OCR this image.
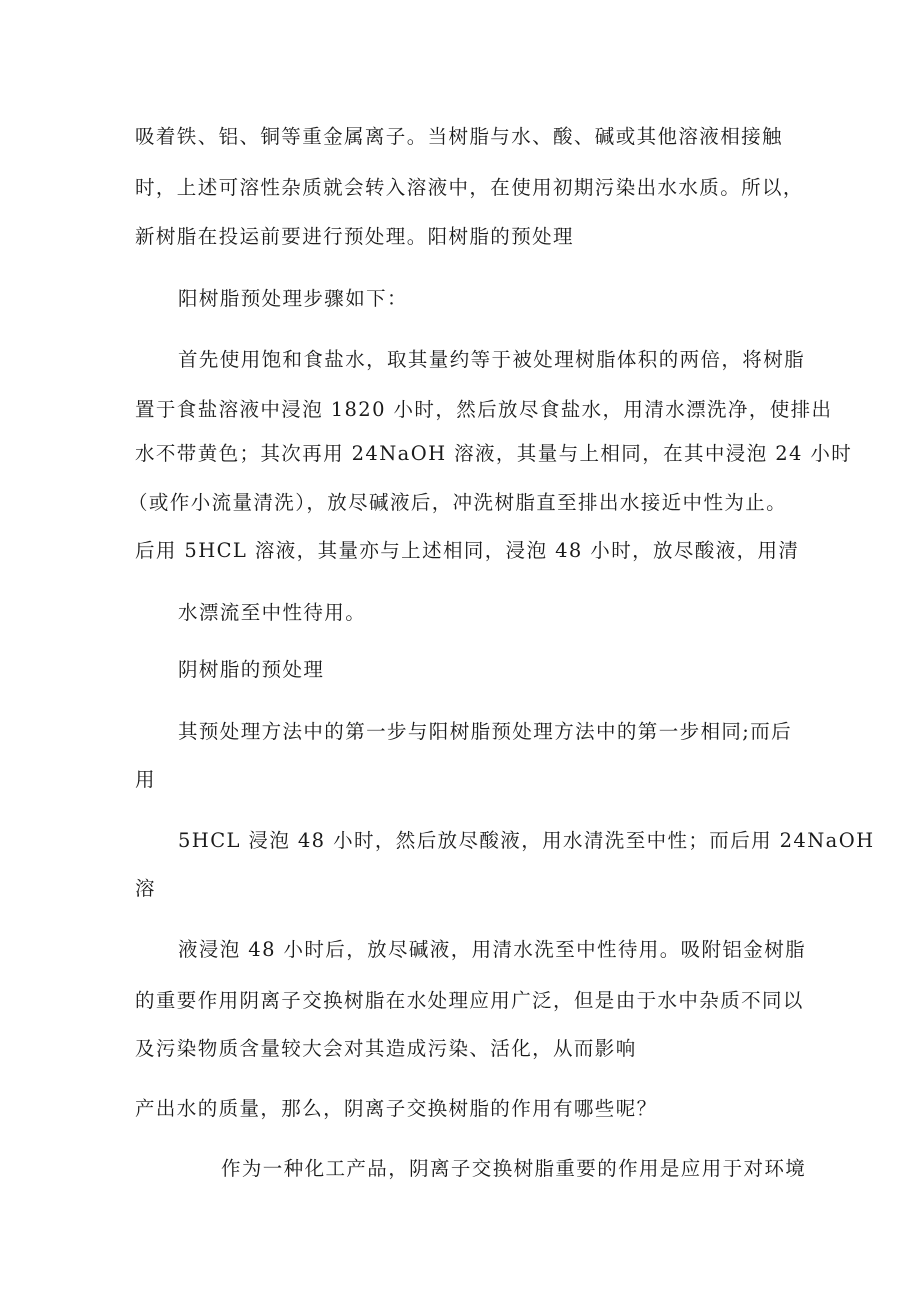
吸着铁、铝、铜等重金属离子。当树脂与水、酸、碱或其他溶液相接触
时，上述可溶性杂质就会转入溶液中，在使用初期污染出水水质。所以，
新树脂在投运前要进行预处理。阳树脂的预处理
阳树脂预处理步骤如下：
首先使用饱和食盐水，取其量约等于被处理树脂体积的两倍，将树脂
置于食盐溶液中浸泡 1820 小时，然后放尽食盐水，用清水漂洗净，使排出
水不带黄色；其次再用 24NaOH 溶液，其量与上相同，在其中浸泡 24 小时
（或作小流量清洗），放尽碱液后，冲洗树脂直至排出水接近中性为止。
后用 5HCL 溶液，其量亦与上述相同，浸泡 48 小时，放尽酸液，用清
水漂流至中性待用。
阴树脂的预处理
其预处理方法中的第一步与阳树脂预处理方法中的第一步相同;而后
用
5HCL 浸泡 48 小时，然后放尽酸液，用水清洗至中性；而后用 24NaOH
溶
液浸泡 48 小时后，放尽碱液，用清水洗至中性待用。吸附铝金树脂
的重要作用阴离子交换树脂在水处理应用广泛，但是由于水中杂质不同以
及污染物质含量较大会对其造成污染、活化，从而影响
产出水的质量，那么，阴离子交换树脂的作用有哪些呢？
作为一种化工产品，阴离子交换树脂重要的作用是应用于对环境
